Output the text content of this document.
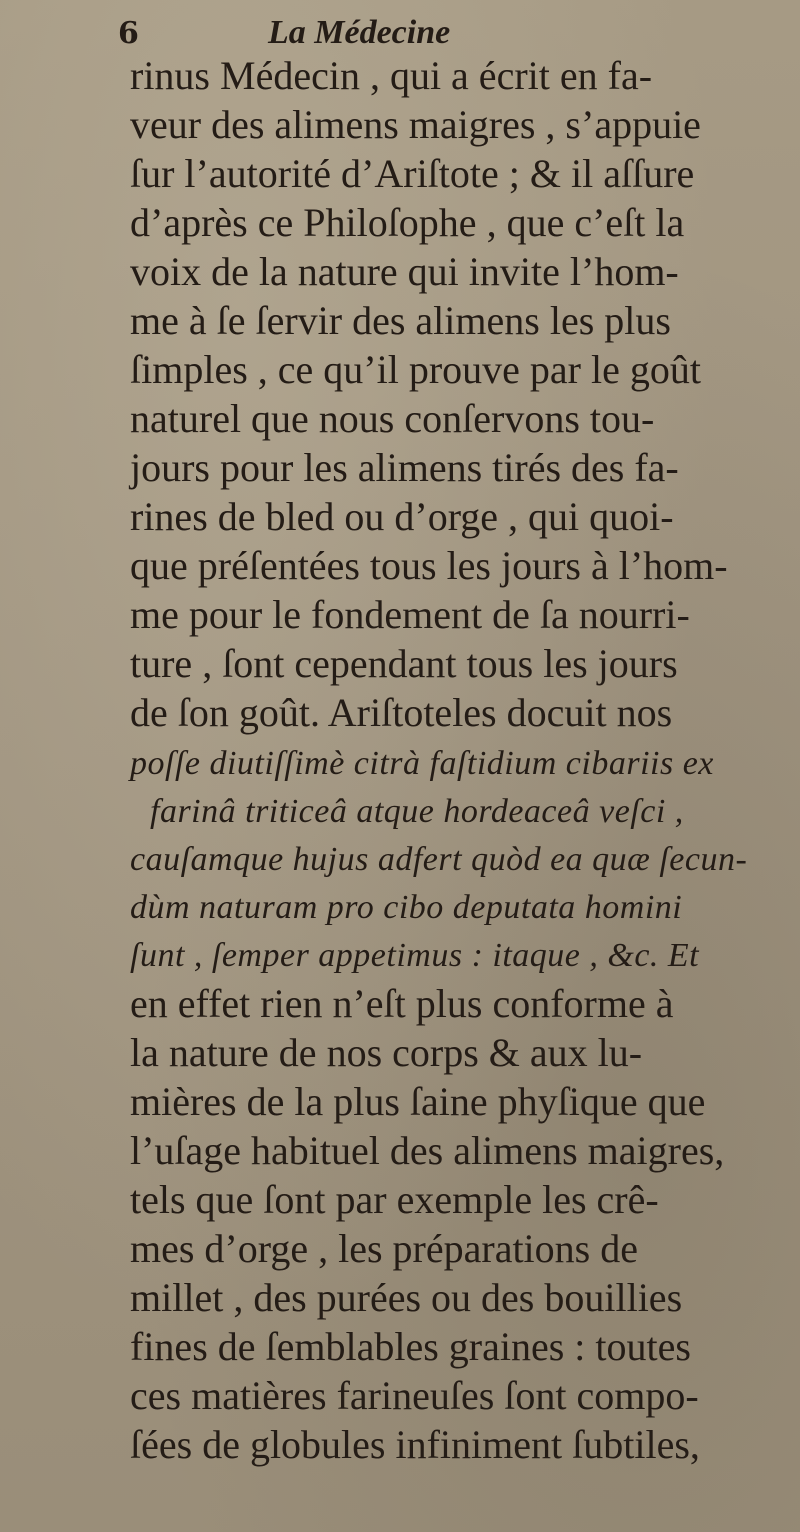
6	La Médecine
rinus Médecin , qui a écrit en fa-
veur des alimens maigres , s’appuie
ſur l’autorité d’Ariſtote ; & il aſſure
d’après ce Philoſophe , que c’eſt la
voix de la nature qui invite l’hom-
me à ſe ſervir des alimens les plus
ſimples , ce qu’il prouve par le goût
naturel que nous conſervons tou-
jours pour les alimens tirés des fa-
rines de bled ou d’orge , qui quoi-
que préſentées tous les jours à l’hom-
me pour le fondement de ſa nourri-
ture , ſont cependant tous les jours
de ſon goût. Ariſtoteles docuit nos
poſſe diutiſſimè citrà faſtidium cibariis ex
farinâ triticeâ atque hordeaceâ veſci ,
cauſamque hujus adfert quòd ea quæ ſecun-
dùm naturam pro cibo deputata homini
ſunt , ſemper appetimus : itaque , &c. Et
en effet rien n’eſt plus conforme à
la nature de nos corps & aux lu-
mières de la plus ſaine phyſique que
l’uſage habituel des alimens maigres,
tels que ſont par exemple les crê-
mes d’orge , les préparations de
millet , des purées ou des bouillies
fines de ſemblables graines : toutes
ces matières farineuſes ſont compo-
ſées de globules infiniment ſubtiles,
